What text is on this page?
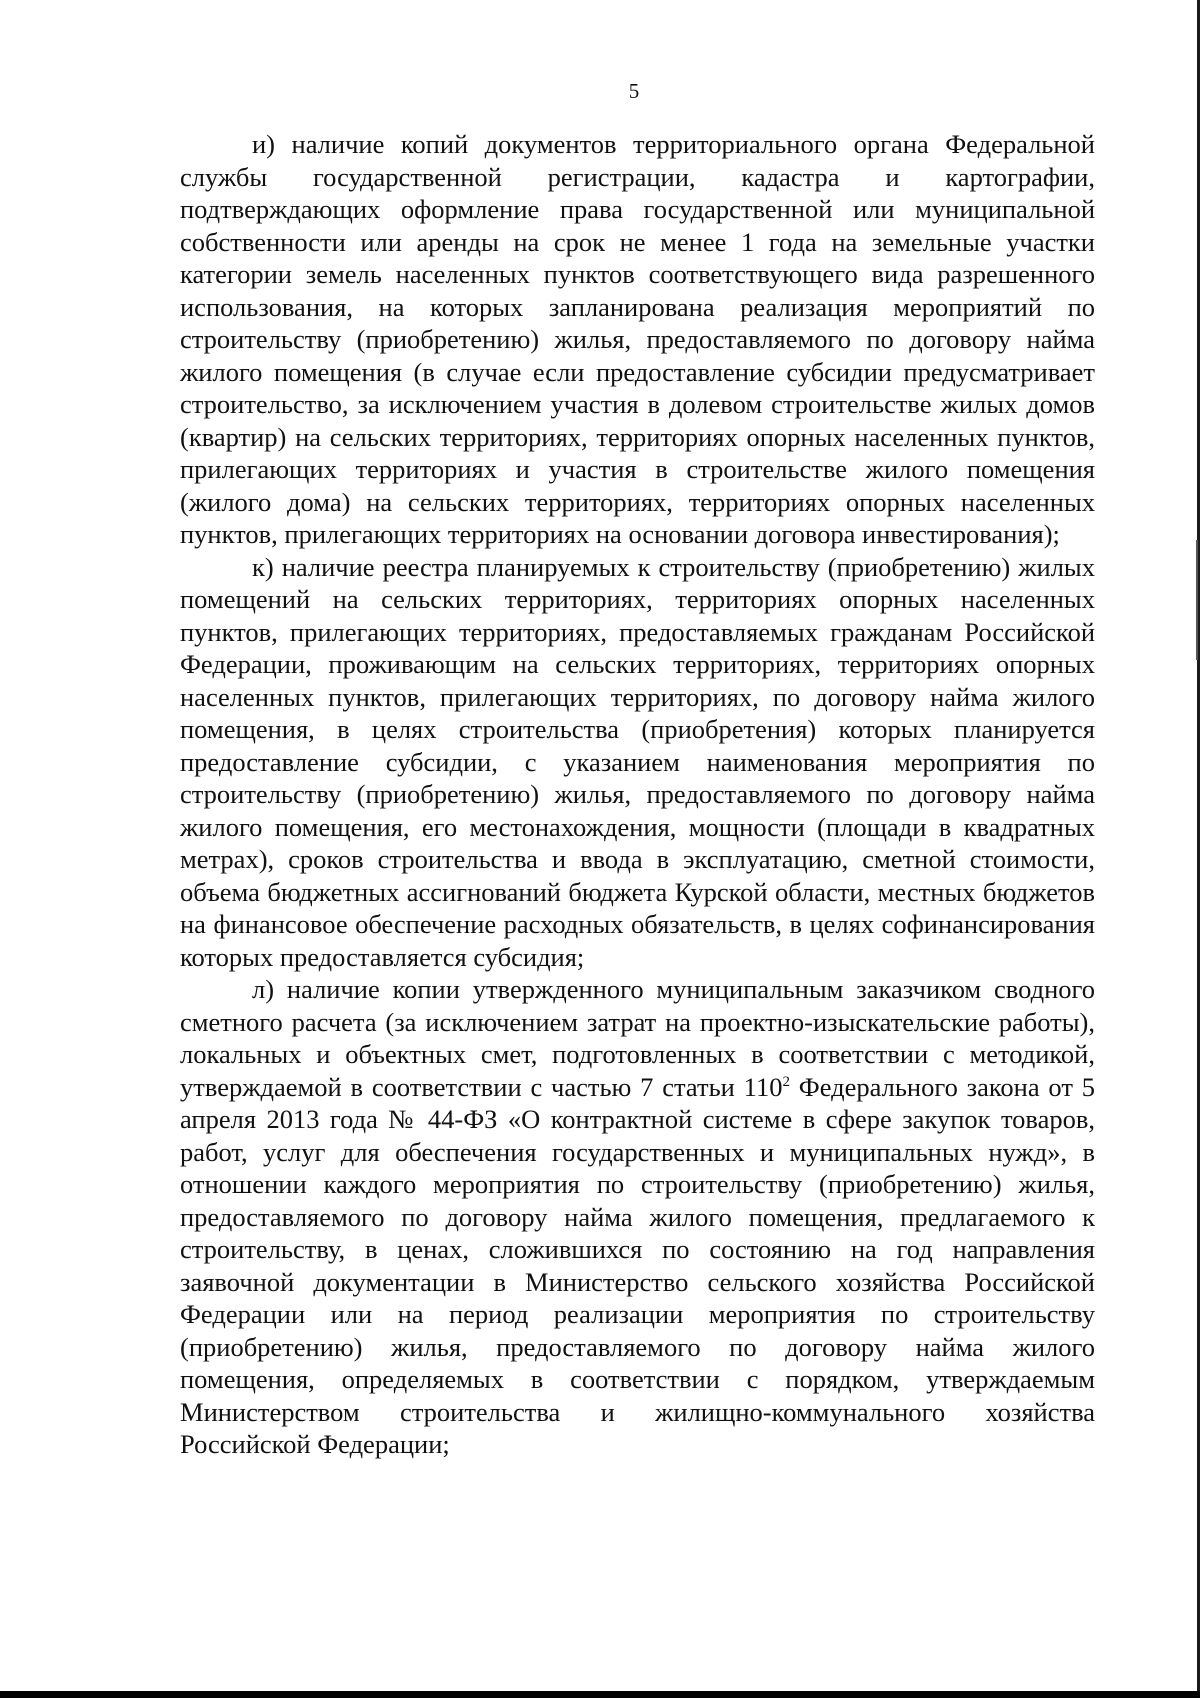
5

и) наличие копий документов территориального органа Федеральной службы государственной регистрации, кадастра и картографии, подтверждающих оформление права государственной или муниципальной собственности или аренды на срок не менее 1 года на земельные участки категории земель населенных пунктов соответствующего вида разрешенного использования, на которых запланирована реализация мероприятий по строительству (приобретению) жилья, предоставляемого по договору найма жилого помещения (в случае если предоставление субсидии предусматривает строительство, за исключением участия в долевом строительстве жилых домов (квартир) на сельских территориях, территориях опорных населенных пунктов, прилегающих территориях и участия в строительстве жилого помещения (жилого дома) на сельских территориях, территориях опорных населенных пунктов, прилегающих территориях на основании договора инвестирования);

к) наличие реестра планируемых к строительству (приобретению) жилых помещений на сельских территориях, территориях опорных населенных пунктов, прилегающих территориях, предоставляемых гражданам Российской Федерации, проживающим на сельских территориях, территориях опорных населенных пунктов, прилегающих территориях, по договору найма жилого помещения, в целях строительства (приобретения) которых планируется предоставление субсидии, с указанием наименования мероприятия по строительству (приобретению) жилья, предоставляемого по договору найма жилого помещения, его местонахождения, мощности (площади в квадратных метрах), сроков строительства и ввода в эксплуатацию, сметной стоимости, объема бюджетных ассигнований бюджета Курской области, местных бюджетов на финансовое обеспечение расходных обязательств, в целях софинансирования которых предоставляется субсидия;

л) наличие копии утвержденного муниципальным заказчиком сводного сметного расчета (за исключением затрат на проектно-изыскательские работы), локальных и объектных смет, подготовленных в соответствии с методикой, утверждаемой в соответствии с частью 7 статьи $110^2$ Федерального закона от 5 апреля 2013 года № 44-ФЗ «О контрактной системе в сфере закупок товаров, работ, услуг для обеспечения государственных и муниципальных нужд», в отношении каждого мероприятия по строительству (приобретению) жилья, предоставляемого по договору найма жилого помещения, предлагаемого к строительству, в ценах, сложившихся по состоянию на год направления заявочной документации в Министерство сельского хозяйства Российской Федерации или на период реализации мероприятия по строительству (приобретению) жилья, предоставляемого по договору найма жилого помещения, определяемых в соответствии с порядком, утверждаемым Министерством строительства и жилищно-коммунального хозяйства Российской Федерации;
